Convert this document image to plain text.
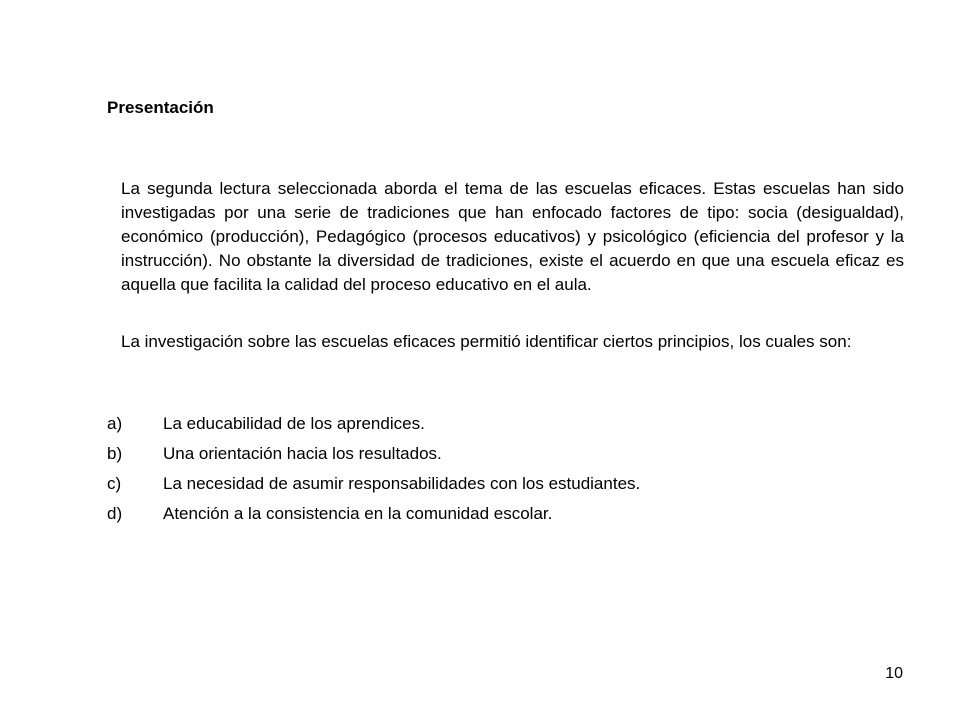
Presentación

La segunda lectura seleccionada aborda el tema de las escuelas eficaces. Estas escuelas han sido investigadas por una serie de tradiciones que han enfocado factores de tipo: socia (desigualdad), económico (producción), Pedagógico (procesos educativos) y psicológico (eficiencia del profesor y la instrucción). No obstante la diversidad de tradiciones, existe el acuerdo en que una escuela eficaz es aquella que facilita la calidad del proceso educativo en el aula.

La investigación sobre las escuelas eficaces permitió identificar ciertos principios, los cuales son:

a) La educabilidad de los aprendices.
b) Una orientación hacia los resultados.
c) La necesidad de asumir responsabilidades con los estudiantes.
d) Atención a la consistencia en la comunidad escolar.
10
